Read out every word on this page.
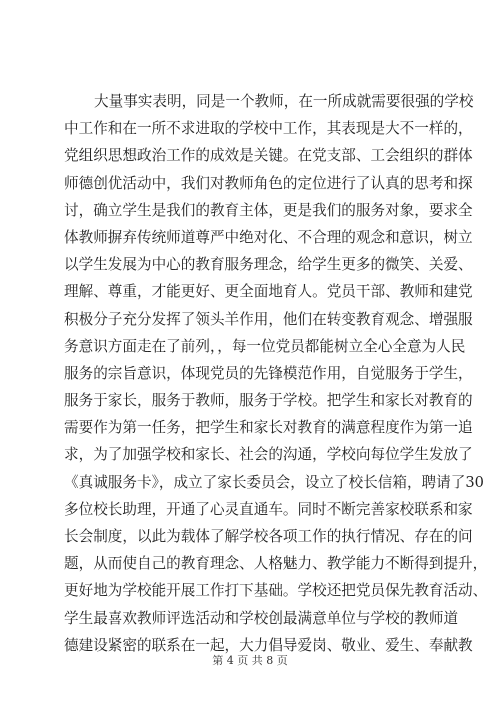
大量事实表明，同是一个教师，在一所成就需要很强的学校
中工作和在一所不求进取的学校中工作，其表现是大不一样的，
党组织思想政治工作的成效是关键。在党支部、工会组织的群体
师德创优活动中，我们对教师角色的定位进行了认真的思考和探
讨，确立学生是我们的教育主体，更是我们的服务对象，要求全
体教师摒弃传统师道尊严中绝对化、不合理的观念和意识，树立
以学生发展为中心的教育服务理念，给学生更多的微笑、关爱、
理解、尊重，才能更好、更全面地育人。党员干部、教师和建党
积极分子充分发挥了领头羊作用，他们在转变教育观念、增强服
务意识方面走在了前列，，每一位党员都能树立全心全意为人民
服务的宗旨意识，体现党员的先锋模范作用，自觉服务于学生，
服务于家长，服务于教师，服务于学校。把学生和家长对教育的
需要作为第一任务，把学生和家长对教育的满意程度作为第一追
求，为了加强学校和家长、社会的沟通，学校向每位学生发放了
《真诚服务卡》，成立了家长委员会，设立了校长信箱，聘请了30
多位校长助理，开通了心灵直通车。同时不断完善家校联系和家
长会制度，以此为载体了解学校各项工作的执行情况、存在的问
题，从而使自己的教育理念、人格魅力、教学能力不断得到提升，
更好地为学校能开展工作打下基础。学校还把党员保先教育活动、
学生最喜欢教师评选活动和学校创最满意单位与学校的教师道
德建设紧密的联系在一起，大力倡导爱岗、敬业、爱生、奉献教
第 4 页 共 8 页
